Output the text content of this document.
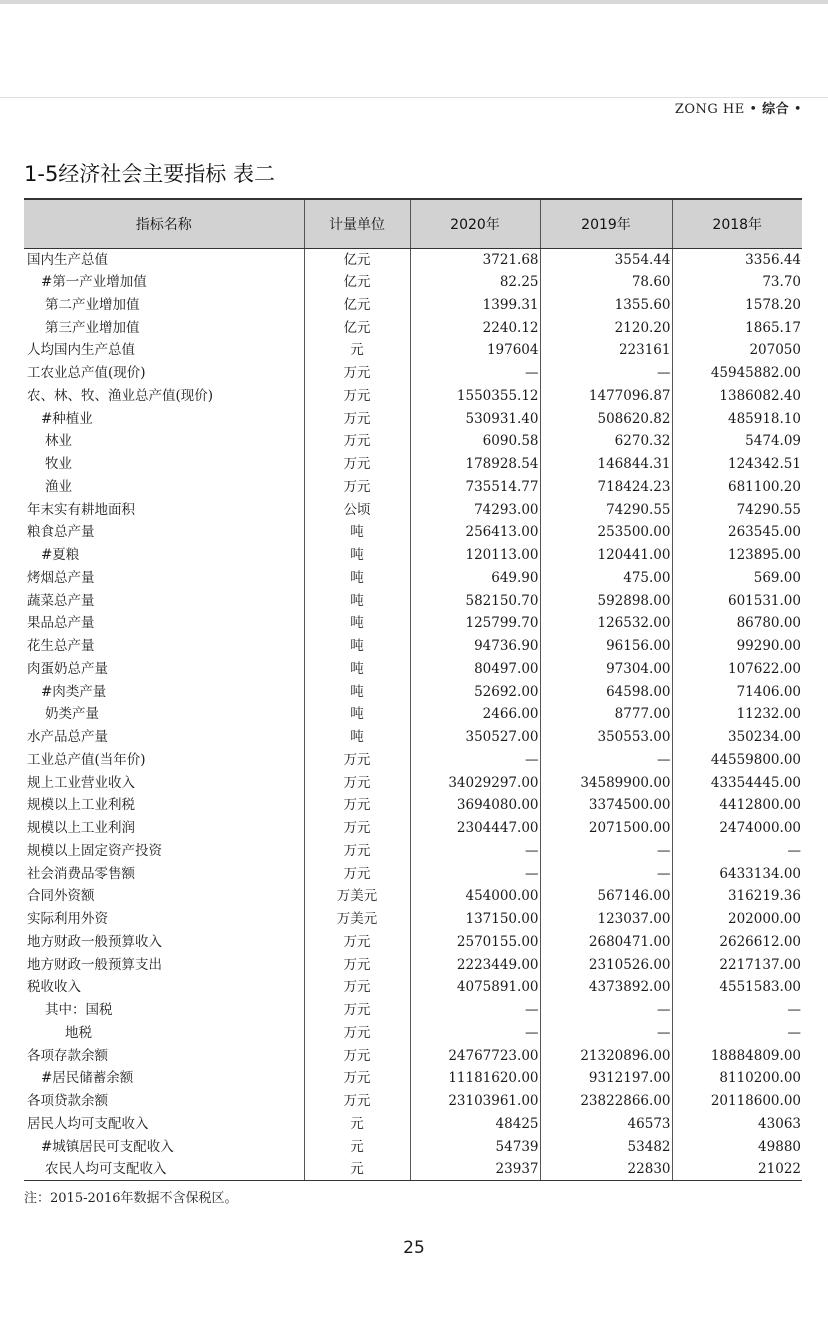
ZONG HE • 综合 •
1-5经济社会主要指标 表二
指标名称	计量单位	2020年	2019年	2018年
国内生产总值	亿元	3721.68	3554.44	3356.44
#第一产业增加值	亿元	82.25	78.60	73.70
第二产业增加值	亿元	1399.31	1355.60	1578.20
第三产业增加值	亿元	2240.12	2120.20	1865.17
人均国内生产总值	元	197604	223161	207050
工农业总产值(现价)	万元	—	—	45945882.00
农、林、牧、渔业总产值(现价)	万元	1550355.12	1477096.87	1386082.40
#种植业	万元	530931.40	508620.82	485918.10
林业	万元	6090.58	6270.32	5474.09
牧业	万元	178928.54	146844.31	124342.51
渔业	万元	735514.77	718424.23	681100.20
年末实有耕地面积	公顷	74293.00	74290.55	74290.55
粮食总产量	吨	256413.00	253500.00	263545.00
#夏粮	吨	120113.00	120441.00	123895.00
烤烟总产量	吨	649.90	475.00	569.00
蔬菜总产量	吨	582150.70	592898.00	601531.00
果品总产量	吨	125799.70	126532.00	86780.00
花生总产量	吨	94736.90	96156.00	99290.00
肉蛋奶总产量	吨	80497.00	97304.00	107622.00
#肉类产量	吨	52692.00	64598.00	71406.00
奶类产量	吨	2466.00	8777.00	11232.00
水产品总产量	吨	350527.00	350553.00	350234.00
工业总产值(当年价)	万元	—	—	44559800.00
规上工业营业收入	万元	34029297.00	34589900.00	43354445.00
规模以上工业利税	万元	3694080.00	3374500.00	4412800.00
规模以上工业利润	万元	2304447.00	2071500.00	2474000.00
规模以上固定资产投资	万元	—	—	—
社会消费品零售额	万元	—	—	6433134.00
合同外资额	万美元	454000.00	567146.00	316219.36
实际利用外资	万美元	137150.00	123037.00	202000.00
地方财政一般预算收入	万元	2570155.00	2680471.00	2626612.00
地方财政一般预算支出	万元	2223449.00	2310526.00	2217137.00
税收收入	万元	4075891.00	4373892.00	4551583.00
其中：国税	万元	—	—	—
地税	万元	—	—	—
各项存款余额	万元	24767723.00	21320896.00	18884809.00
#居民储蓄余额	万元	11181620.00	9312197.00	8110200.00
各项贷款余额	万元	23103961.00	23822866.00	20118600.00
居民人均可支配收入	元	48425	46573	43063
#城镇居民可支配收入	元	54739	53482	49880
农民人均可支配收入	元	23937	22830	21022
注：2015-2016年数据不含保税区。
25
